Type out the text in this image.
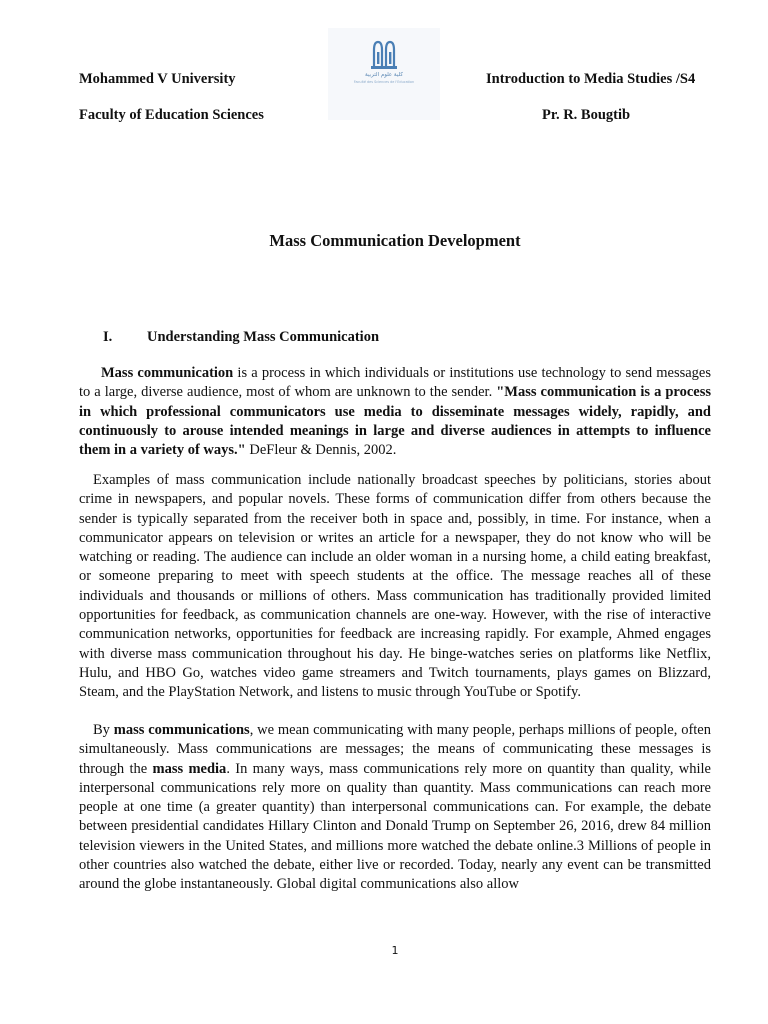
Mohammed V University
Faculty of Education Sciences
Introduction to Media Studies /S4
Pr. R. Bougtib
كلية علوم التربية
Faculté des Sciences de l'Education
Mass Communication Development
I. Understanding Mass Communication

Mass communication is a process in which individuals or institutions use technology to send messages to a large, diverse audience, most of whom are unknown to the sender. "Mass communication is a process in which professional communicators use media to disseminate messages widely, rapidly, and continuously to arouse intended meanings in large and diverse audiences in attempts to influence them in a variety of ways." DeFleur & Dennis, 2002.

Examples of mass communication include nationally broadcast speeches by politicians, stories about crime in newspapers, and popular novels. These forms of communication differ from others because the sender is typically separated from the receiver both in space and, possibly, in time. For instance, when a communicator appears on television or writes an article for a newspaper, they do not know who will be watching or reading. The audience can include an older woman in a nursing home, a child eating breakfast, or someone preparing to meet with speech students at the office. The message reaches all of these individuals and thousands or millions of others. Mass communication has traditionally provided limited opportunities for feedback, as communication channels are one-way. However, with the rise of interactive communication networks, opportunities for feedback are increasing rapidly. For example, Ahmed engages with diverse mass communication throughout his day. He binge-watches series on platforms like Netflix, Hulu, and HBO Go, watches video game streamers and Twitch tournaments, plays games on Blizzard, Steam, and the PlayStation Network, and listens to music through YouTube or Spotify.

By mass communications, we mean communicating with many people, perhaps millions of people, often simultaneously. Mass communications are messages; the means of communicating these messages is through the mass media. In many ways, mass communications rely more on quantity than quality, while interpersonal communications rely more on quality than quantity. Mass communications can reach more people at one time (a greater quantity) than interpersonal communications can. For example, the debate between presidential candidates Hillary Clinton and Donald Trump on September 26, 2016, drew 84 million television viewers in the United States, and millions more watched the debate online.3 Millions of people in other countries also watched the debate, either live or recorded. Today, nearly any event can be transmitted around the globe instantaneously. Global digital communications also allow

1
